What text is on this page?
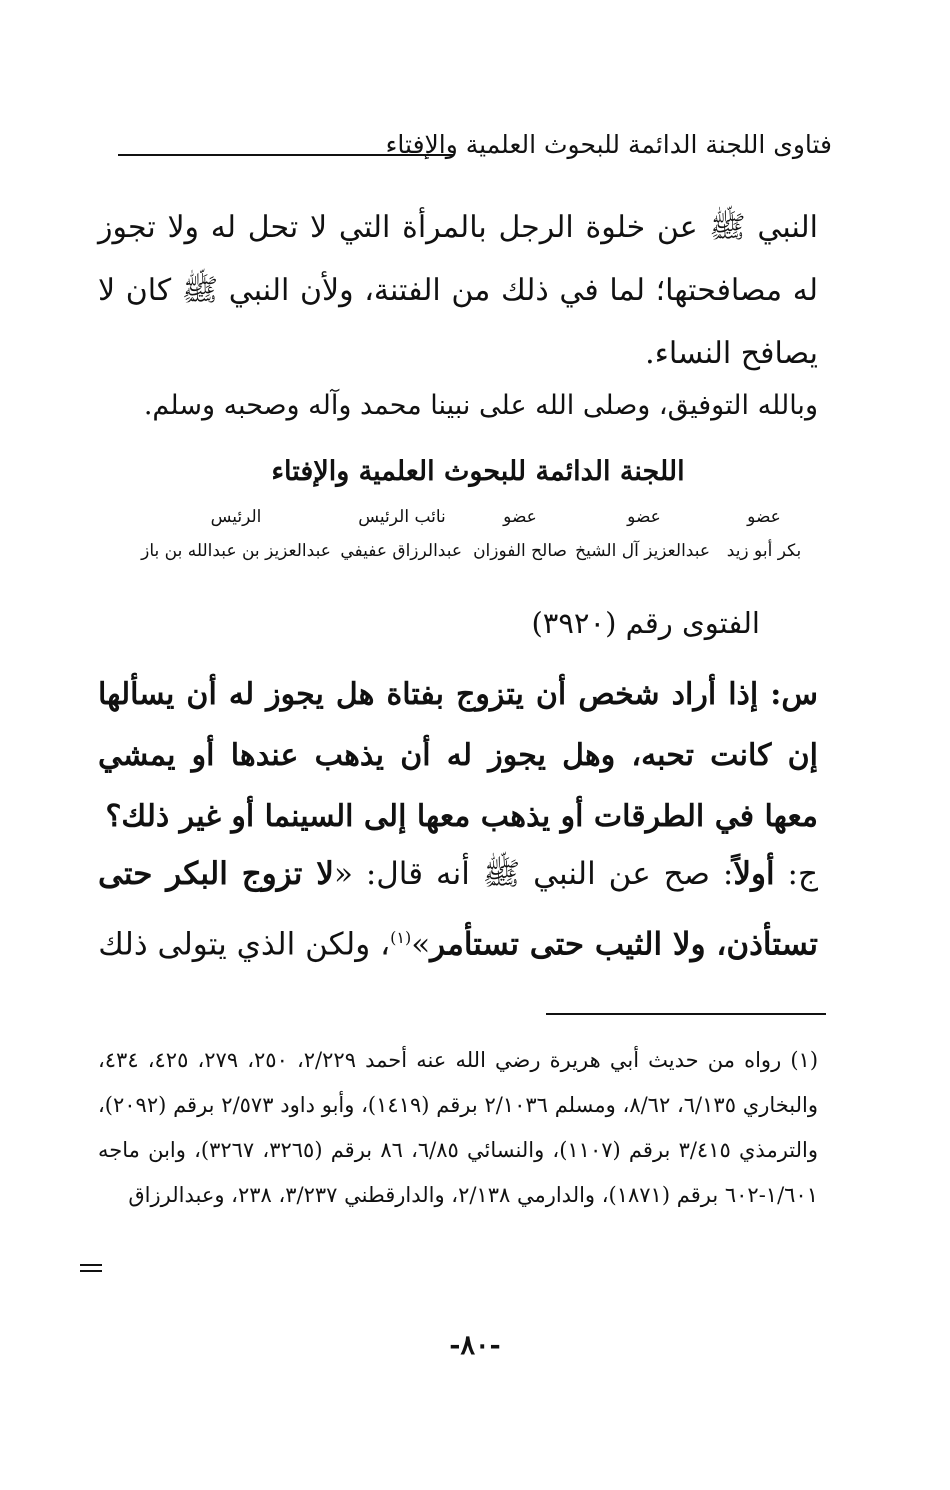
فتاوى اللجنة الدائمة للبحوث العلمية والإفتاء
النبي ﷺ عن خلوة الرجل بالمرأة التي لا تحل له ولا تجوز له مصافحتها؛ لما في ذلك من الفتنة، ولأن النبي ﷺ كان لا يصافح النساء.
وبالله التوفيق، وصلى الله على نبينا محمد وآله وصحبه وسلم.
اللجنة الدائمة للبحوث العلمية والإفتاء
عضو
بكر أبو زيد
عضو
عبدالعزيز آل الشيخ
عضو
صالح الفوزان
نائب الرئيس
عبدالرزاق عفيفي
الرئيس
عبدالعزيز بن عبدالله بن باز
الفتوى رقم (٣٩٢٠)
س: إذا أراد شخص أن يتزوج بفتاة هل يجوز له أن يسألها إن كانت تحبه، وهل يجوز له أن يذهب عندها أو يمشي معها في الطرقات أو يذهب معها إلى السينما أو غير ذلك؟
ج: أولاً: صح عن النبي ﷺ أنه قال: «لا تزوج البكر حتى تستأذن، ولا الثيب حتى تستأمر»$^{(١)}$، ولكن الذي يتولى ذلك
(١) رواه من حديث أبي هريرة رضي الله عنه أحمد ٢/٢٢٩، ٢٥٠، ٢٧٩، ٤٢٥، ٤٣٤، والبخاري ٦/١٣٥، ٨/٦٢، ومسلم ٢/١٠٣٦ برقم (١٤١٩)، وأبو داود ٢/٥٧٣ برقم (٢٠٩٢)، والترمذي ٣/٤١٥ برقم (١١٠٧)، والنسائي ٦/٨٥، ٨٦ برقم (٣٢٦٥، ٣٢٦٧)، وابن ماجه ١/٦٠١-٦٠٢ برقم (١٨٧١)، والدارمي ٢/١٣٨، والدارقطني ٣/٢٣٧، ٢٣٨، وعبدالرزاق
-٨٠-
